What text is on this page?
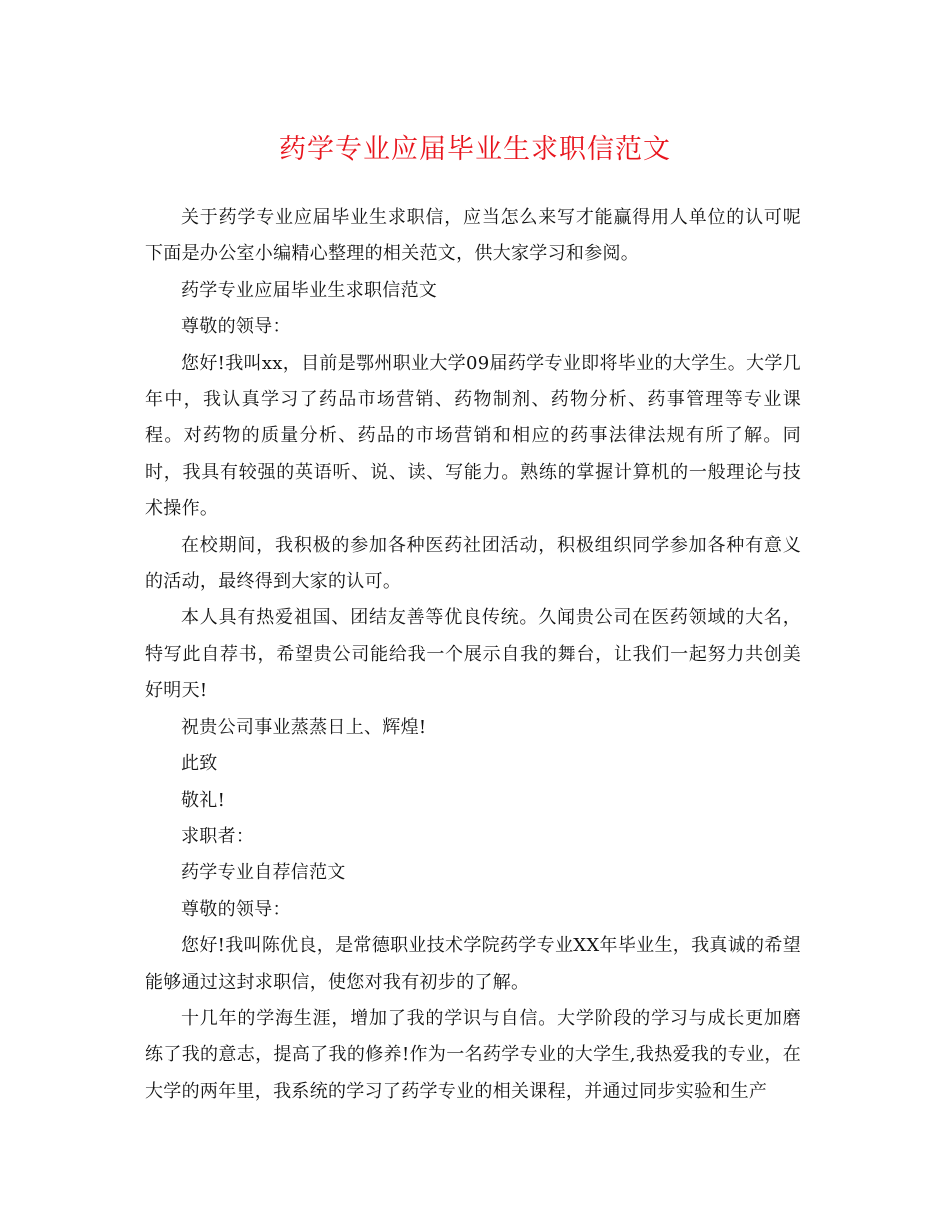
药学专业应届毕业生求职信范文

关于药学专业应届毕业生求职信，应当怎么来写才能赢得用人单位的认可呢下面是办公室小编精心整理的相关范文，供大家学习和参阅。

药学专业应届毕业生求职信范文

尊敬的领导：

您好!我叫xx，目前是鄂州职业大学09届药学专业即将毕业的大学生。大学几年中，我认真学习了药品市场营销、药物制剂、药物分析、药事管理等专业课程。对药物的质量分析、药品的市场营销和相应的药事法律法规有所了解。同时，我具有较强的英语听、说、读、写能力。熟练的掌握计算机的一般理论与技术操作。

在校期间，我积极的参加各种医药社团活动，积极组织同学参加各种有意义的活动，最终得到大家的认可。

本人具有热爱祖国、团结友善等优良传统。久闻贵公司在医药领域的大名，特写此自荐书，希望贵公司能给我一个展示自我的舞台，让我们一起努力共创美好明天!

祝贵公司事业蒸蒸日上、辉煌!

此致

敬礼!

求职者：

药学专业自荐信范文

尊敬的领导：

您好!我叫陈优良，是常德职业技术学院药学专业XX年毕业生，我真诚的希望能够通过这封求职信，使您对我有初步的了解。

十几年的学海生涯，增加了我的学识与自信。大学阶段的学习与成长更加磨练了我的意志，提高了我的修养!作为一名药学专业的大学生,我热爱我的专业，在大学的两年里，我系统的学习了药学专业的相关课程，并通过同步实验和生产
